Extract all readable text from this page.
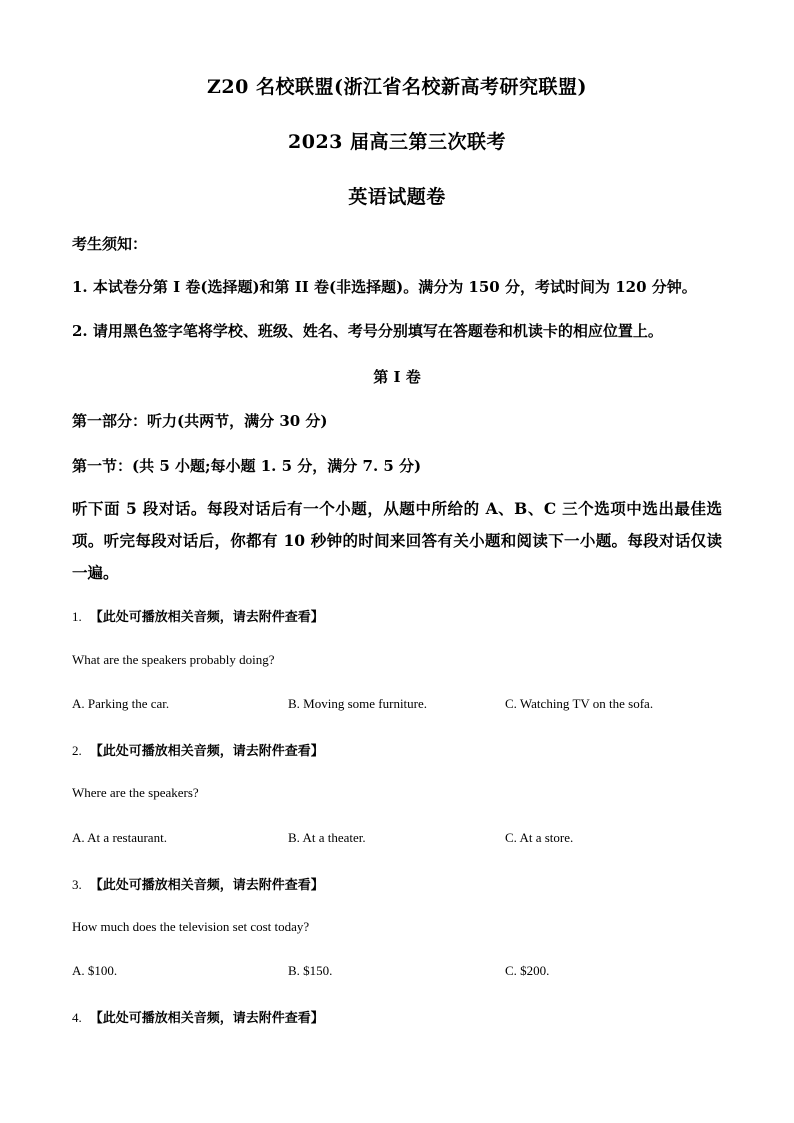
Z20 名校联盟(浙江省名校新高考研究联盟)
2023 届高三第三次联考
英语试题卷
考生须知：
1. 本试卷分第 I 卷(选择题)和第 II 卷(非选择题)。满分为 150 分，考试时间为 120 分钟。
2. 请用黑色签字笔将学校、班级、姓名、考号分别填写在答题卷和机读卡的相应位置上。
第 I 卷
第一部分：听力(共两节，满分 30 分)
第一节：(共 5 小题;每小题 1. 5 分，满分 7. 5 分)
听下面 5 段对话。每段对话后有一个小题，从题中所给的 A、B、C 三个选项中选出最佳选项。听完每段对话后，你都有 10 秒钟的时间来回答有关小题和阅读下一小题。每段对话仅读一遍。
1. 【此处可播放相关音频，请去附件查看】
What are the speakers probably doing?
A. Parking the car.	B. Moving some furniture.	C. Watching TV on the sofa.
2. 【此处可播放相关音频，请去附件查看】
Where are the speakers?
A. At a restaurant.	B. At a theater.	C. At a store.
3. 【此处可播放相关音频，请去附件查看】
How much does the television set cost today?
A. $100.	B. $150.	C. $200.
4. 【此处可播放相关音频，请去附件查看】
